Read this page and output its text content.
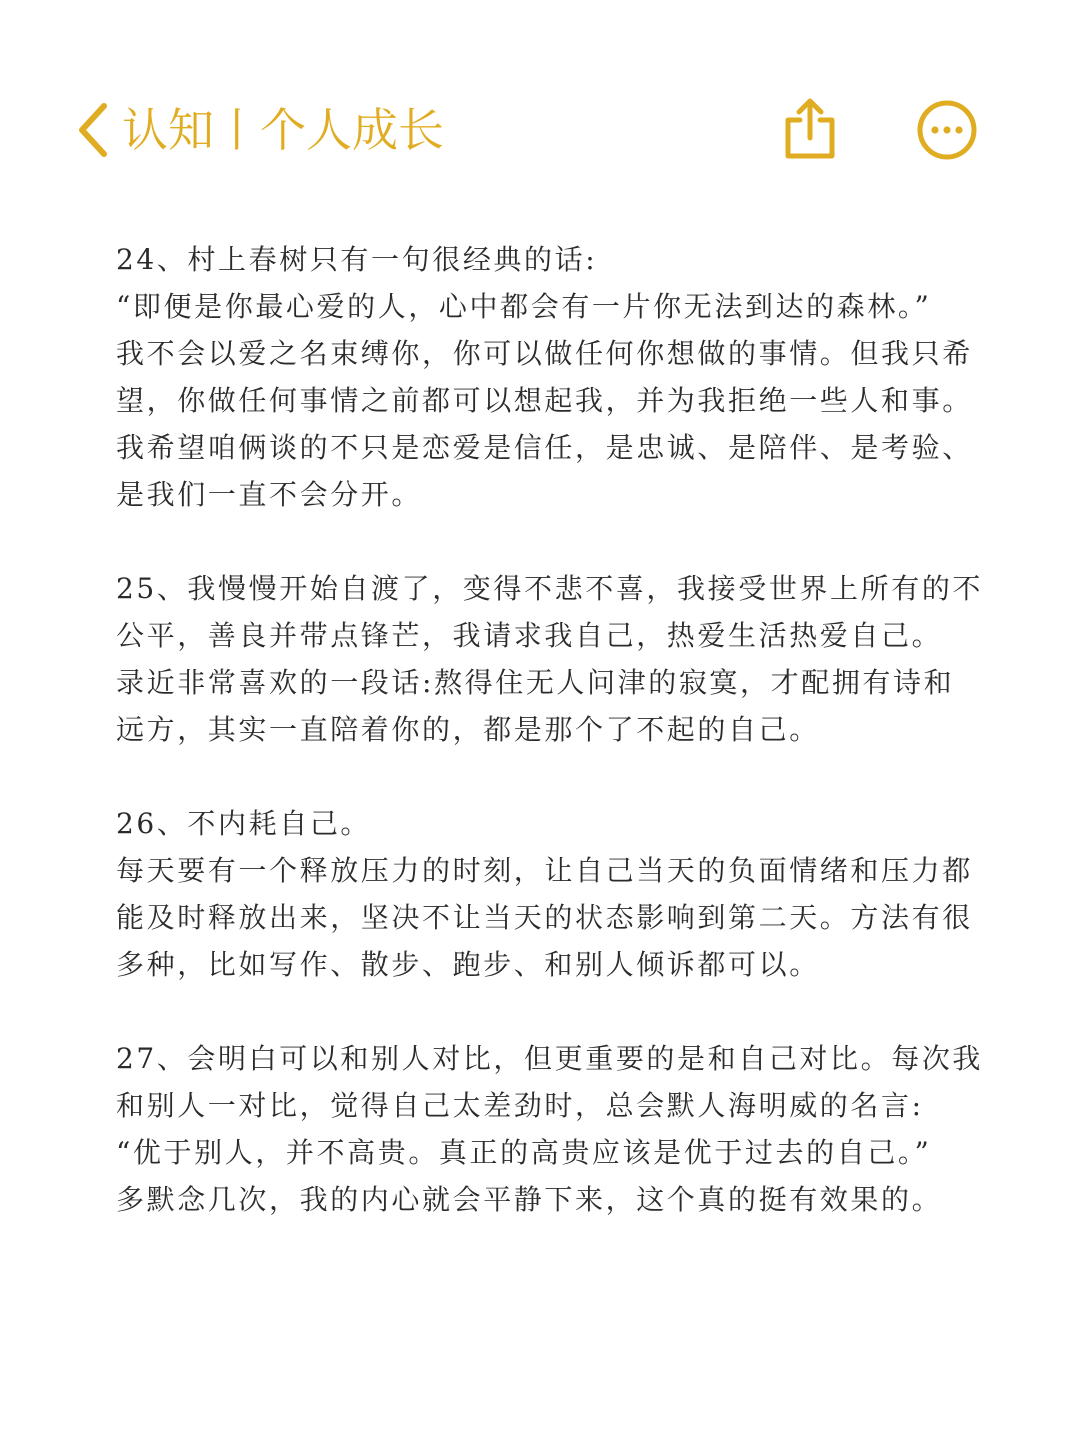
认知丨个人成长
24、村上春树只有一句很经典的话:
“即便是你最心爱的人，心中都会有一片你无法到达的森林。”
我不会以爱之名束缚你，你可以做任何你想做的事情。但我只希
望，你做任何事情之前都可以想起我，并为我拒绝一些人和事。
我希望咱俩谈的不只是恋爱是信任，是忠诚、是陪伴、是考验、
是我们一直不会分开。
25、我慢慢开始自渡了，变得不悲不喜，我接受世界上所有的不
公平，善良并带点锋芒，我请求我自己，热爱生活热爱自己。
录近非常喜欢的一段话:熬得住无人问津的寂寞，才配拥有诗和
远方，其实一直陪着你的，都是那个了不起的自己。
26、不内耗自己。
每天要有一个释放压力的时刻，让自己当天的负面情绪和压力都
能及时释放出来，坚决不让当天的状态影响到第二天。方法有很
多种，比如写作、散步、跑步、和别人倾诉都可以。
27、会明白可以和别人对比，但更重要的是和自己对比。每次我
和别人一对比，觉得自己太差劲时，总会默人海明威的名言:
“优于别人，并不高贵。真正的高贵应该是优于过去的自己。”
多默念几次，我的内心就会平静下来，这个真的挺有效果的。
